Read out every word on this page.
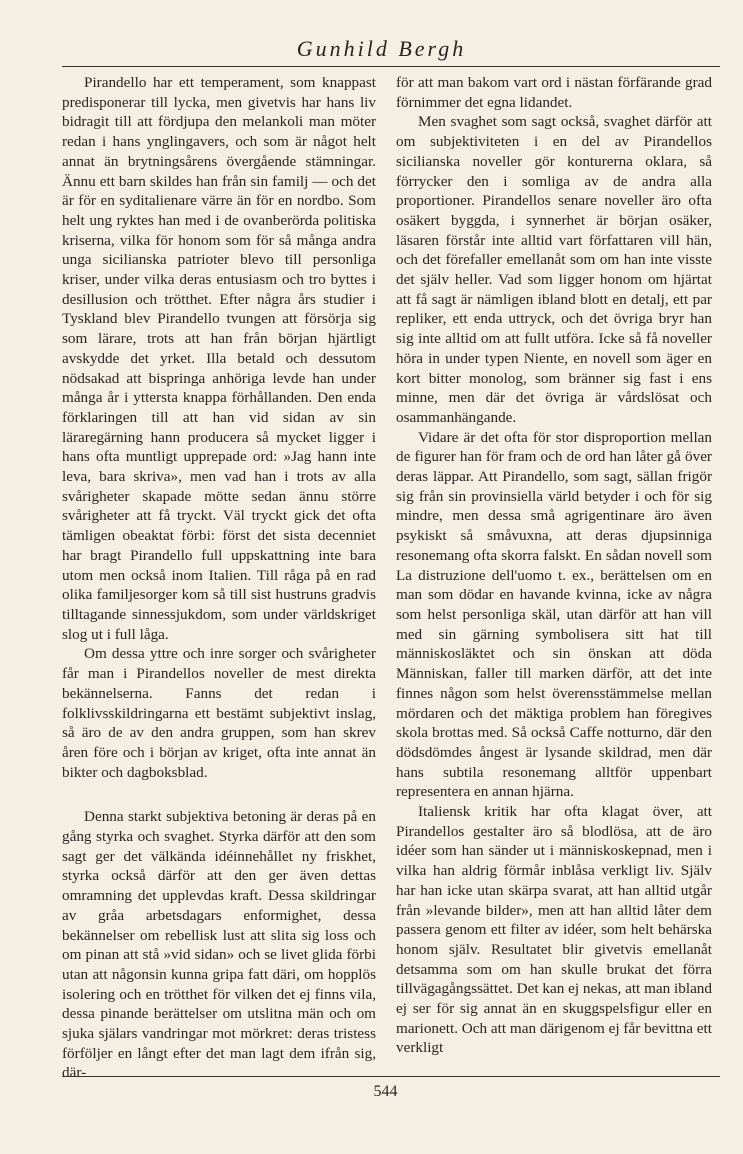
Gunhild Bergh

Pirandello har ett temperament, som knappast predisponerar till lycka, men givetvis har hans liv bidragit till att fördjupa den melankoli man möter redan i hans ynglingavers, och som är något helt annat än brytningsårens övergående stämningar. Ännu ett barn skildes han från sin familj — och det är för en syditalienare värre än för en nordbo. Som helt ung ryktes han med i de ovanberörda politiska kriserna, vilka för honom som för så många andra unga sicilianska patrioter blevo till personliga kriser, under vilka deras entusiasm och tro byttes i desillusion och trötthet. Efter några års studier i Tyskland blev Pirandello tvungen att försörja sig som lärare, trots att han från början hjärtligt avskydde det yrket. Illa betald och dessutom nödsakad att bispringa anhöriga levde han under många år i yttersta knappa förhållanden. Den enda förklaringen till att han vid sidan av sin läraregärning hann producera så mycket ligger i hans ofta muntligt upprepade ord: »Jag hann inte leva, bara skriva», men vad han i trots av alla svårigheter skapade mötte sedan ännu större svårigheter att få tryckt. Väl tryckt gick det ofta tämligen obeaktat förbi: först det sista decenniet har bragt Pirandello full uppskattning inte bara utom men också inom Italien. Till råga på en rad olika familjesorger kom så till sist hustruns gradvis tilltagande sinnessjukdom, som under världskriget slog ut i full låga.

Om dessa yttre och inre sorger och svårigheter får man i Pirandellos noveller de mest direkta bekännelserna. Fanns det redan i folklivsskildringarna ett bestämt subjektivt inslag, så äro de av den andra gruppen, som han skrev åren före och i början av kriget, ofta inte annat än bikter och dagboksblad.

Denna starkt subjektiva betoning är deras på en gång styrka och svaghet. Styrka därför att den som sagt ger det välkända idéinnehållet ny friskhet, styrka också därför att den ger även dettas omramning det upplevdas kraft. Dessa skildringar av gråa arbetsdagars enformighet, dessa bekännelser om rebellisk lust att slita sig loss och om pinan att stå »vid sidan» och se livet glida förbi utan att någonsin kunna gripa fatt däri, om hopplös isolering och en trötthet för vilken det ej finns vila, dessa pinande berättelser om utslitna män och om sjuka själars vandringar mot mörkret: deras tristess förföljer en långt efter det man lagt dem ifrån sig, där-

för att man bakom vart ord i nästan förfärande grad förnimmer det egna lidandet.

Men svaghet som sagt också, svaghet därför att om subjektiviteten i en del av Pirandellos sicilianska noveller gör konturerna oklara, så förrycker den i somliga av de andra alla proportioner. Pirandellos senare noveller äro ofta osäkert byggda, i synnerhet är början osäker, läsaren förstår inte alltid vart författaren vill hän, och det förefaller emellanåt som om han inte visste det själv heller. Vad som ligger honom om hjärtat att få sagt är nämligen ibland blott en detalj, ett par repliker, ett enda uttryck, och det övriga bryr han sig inte alltid om att fullt utföra. Icke så få noveller höra in under typen Niente, en novell som äger en kort bitter monolog, som bränner sig fast i ens minne, men där det övriga är vårdslösat och osammanhängande.

Vidare är det ofta för stor disproportion mellan de figurer han för fram och de ord han låter gå över deras läppar. Att Pirandello, som sagt, sällan frigör sig från sin provinsiella värld betyder i och för sig mindre, men dessa små agrigentinare äro även psykiskt så småvuxna, att deras djupsinniga resonemang ofta skorra falskt. En sådan novell som La distruzione dell'uomo t. ex., berättelsen om en man som dödar en havande kvinna, icke av några som helst personliga skäl, utan därför att han vill med sin gärning symbolisera sitt hat till människosläktet och sin önskan att döda Människan, faller till marken därför, att det inte finnes någon som helst överensstämmelse mellan mördaren och det mäktiga problem han föregives skola brottas med. Så också Caffe notturno, där den dödsdömdes ångest är lysande skildrad, men där hans subtila resonemang alltför uppenbart representera en annan hjärna.

Italiensk kritik har ofta klagat över, att Pirandellos gestalter äro så blodlösa, att de äro idéer som han sänder ut i människoskepnad, men i vilka han aldrig förmår inblåsa verkligt liv. Själv har han icke utan skärpa svarat, att han alltid utgår från »levande bilder», men att han alltid låter dem passera genom ett filter av idéer, som helt behärska honom själv. Resultatet blir givetvis emellanåt detsamma som om han skulle brukat det förra tillvägagångssättet. Det kan ej nekas, att man ibland ej ser för sig annat än en skuggspelsfigur eller en marionett. Och att man därigenom ej får bevittna ett verkligt

544
